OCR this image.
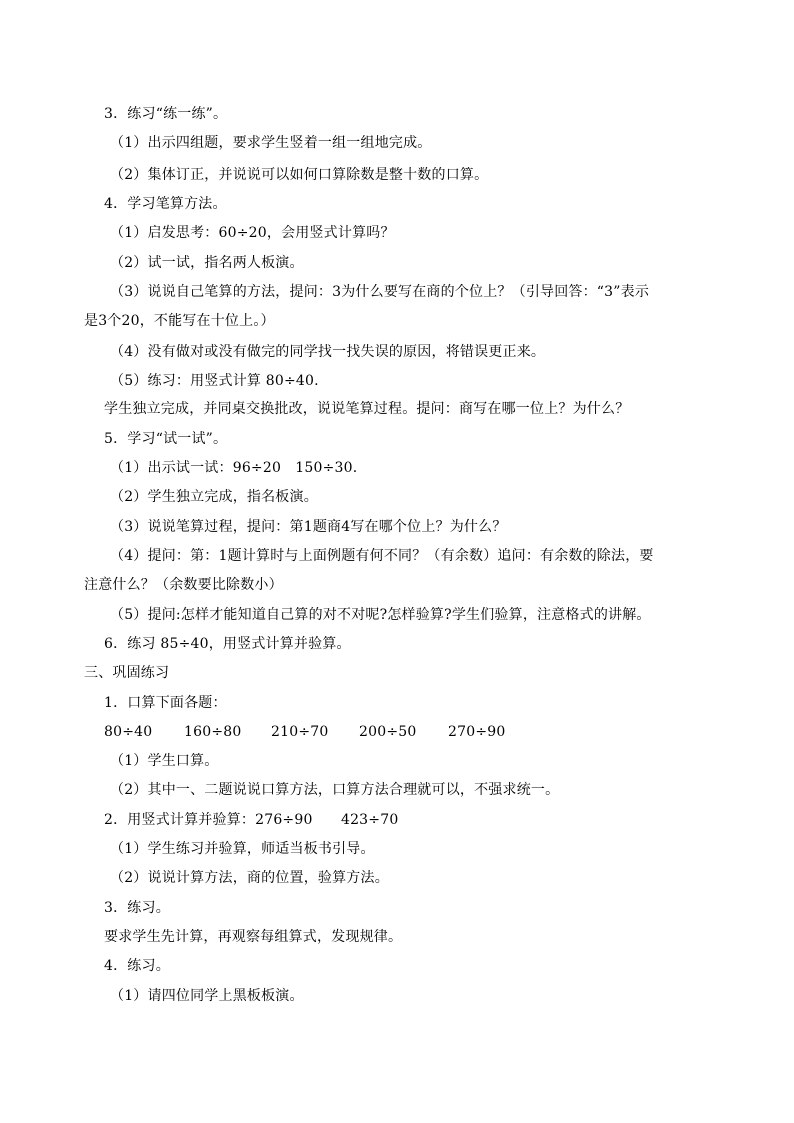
3．练习“练一练”。
（1）出示四组题，要求学生竖着一组一组地完成。
（2）集体订正，并说说可以如何口算除数是整十数的口算。
4．学习笔算方法。
（1）启发思考：60÷20，会用竖式计算吗？
（2）试一试，指名两人板演。
（3）说说自己笔算的方法，提问：3为什么要写在商的个位上？（引导回答：“3”表示
是3个20，不能写在十位上。）
（4）没有做对或没有做完的同学找一找失误的原因，将错误更正来。
（5）练习：用竖式计算 80÷40.
学生独立完成，并同桌交换批改，说说笔算过程。提问：商写在哪一位上？为什么？
5．学习“试一试”。
（1）出示试一试：96÷20　150÷30.
（2）学生独立完成，指名板演。
（3）说说笔算过程，提问：第1题商4写在哪个位上？为什么？
（4）提问：第：1题计算时与上面例题有何不同？（有余数）追问：有余数的除法，要
注意什么？（余数要比除数小）
（5）提问:怎样才能知道自己算的对不对呢?怎样验算?学生们验算，注意格式的讲解。
6．练习 85÷40，用竖式计算并验算。
三、巩固练习
1．口算下面各题：
80÷40 160÷80 210÷70 200÷50 270÷90
（1）学生口算。
（2）其中一、二题说说口算方法，口算方法合理就可以，不强求统一。
2．用竖式计算并验算：276÷90　　423÷70
（1）学生练习并验算，师适当板书引导。
（2）说说计算方法，商的位置，验算方法。
3．练习。
要求学生先计算，再观察每组算式，发现规律。
4．练习。
（1）请四位同学上黑板板演。
